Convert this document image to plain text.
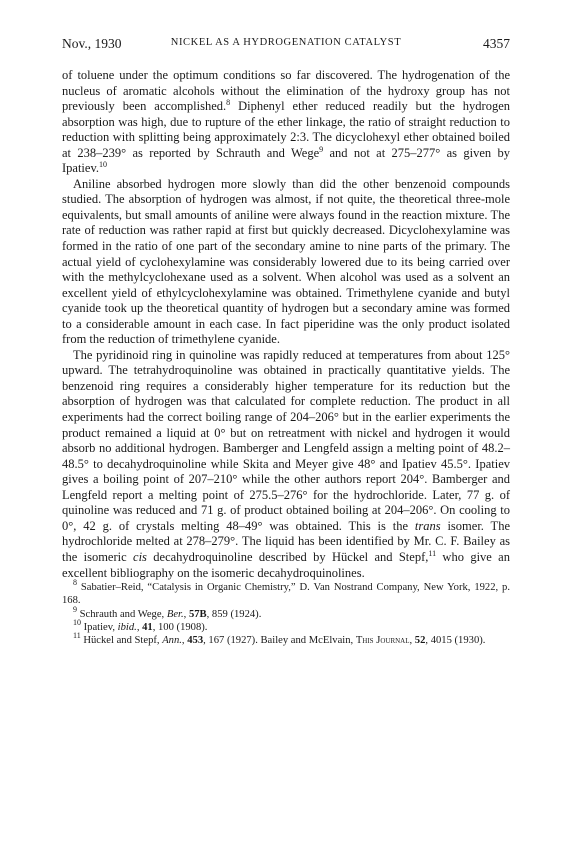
Nov., 1930	NICKEL AS A HYDROGENATION CATALYST	4357

of toluene under the optimum conditions so far discovered. The hydrogenation of the nucleus of aromatic alcohols without the elimination of the hydroxy group has not previously been accomplished.$^8$ Diphenyl ether reduced readily but the hydrogen absorption was high, due to rupture of the ether linkage, the ratio of straight reduction to reduction with splitting being approximately 2:3. The dicyclohexyl ether obtained boiled at 238–239° as reported by Schrauth and Wege$^9$ and not at 275–277° as given by Ipatiev.$^{10}$

Aniline absorbed hydrogen more slowly than did the other benzenoid compounds studied. The absorption of hydrogen was almost, if not quite, the theoretical three-mole equivalents, but small amounts of aniline were always found in the reaction mixture. The rate of reduction was rather rapid at first but quickly decreased. Dicyclohexylamine was formed in the ratio of one part of the secondary amine to nine parts of the primary. The actual yield of cyclohexylamine was considerably lowered due to its being carried over with the methylcyclohexane used as a solvent. When alcohol was used as a solvent an excellent yield of ethylcyclohexylamine was obtained. Trimethylene cyanide and butyl cyanide took up the theoretical quantity of hydrogen but a secondary amine was formed to a considerable amount in each case. In fact piperidine was the only product isolated from the reduction of trimethylene cyanide.

The pyridinoid ring in quinoline was rapidly reduced at temperatures from about 125° upward. The tetrahydroquinoline was obtained in practically quantitative yields. The benzenoid ring requires a considerably higher temperature for its reduction but the absorption of hydrogen was that calculated for complete reduction. The product in all experiments had the correct boiling range of 204–206° but in the earlier experiments the product remained a liquid at 0° but on retreatment with nickel and hydrogen it would absorb no additional hydrogen. Bamberger and Lengfeld assign a melting point of 48.2–48.5° to decahydroquinoline while Skita and Meyer give 48° and Ipatiev 45.5°. Ipatiev gives a boiling point of 207–210° while the other authors report 204°. Bamberger and Lengfeld report a melting point of 275.5–276° for the hydrochloride. Later, 77 g. of quinoline was reduced and 71 g. of product obtained boiling at 204–206°. On cooling to 0°, 42 g. of crystals melting 48–49° was obtained. This is the trans isomer. The hydrochloride melted at 278–279°. The liquid has been identified by Mr. C. F. Bailey as the isomeric cis decahydroquinoline described by Hückel and Stepf,$^{11}$ who give an excellent bibliography on the isomeric decahydroquinolines.

$^8$ Sabatier–Reid, “Catalysis in Organic Chemistry,” D. Van Nostrand Company, New York, 1922, p. 168.

$^9$ Schrauth and Wege, Ber., 57B, 859 (1924).

$^{10}$ Ipatiev, ibid., 41, 100 (1908).

$^{11}$ Hückel and Stepf, Ann., 453, 167 (1927). Bailey and McElvain, This Journal, 52, 4015 (1930).
